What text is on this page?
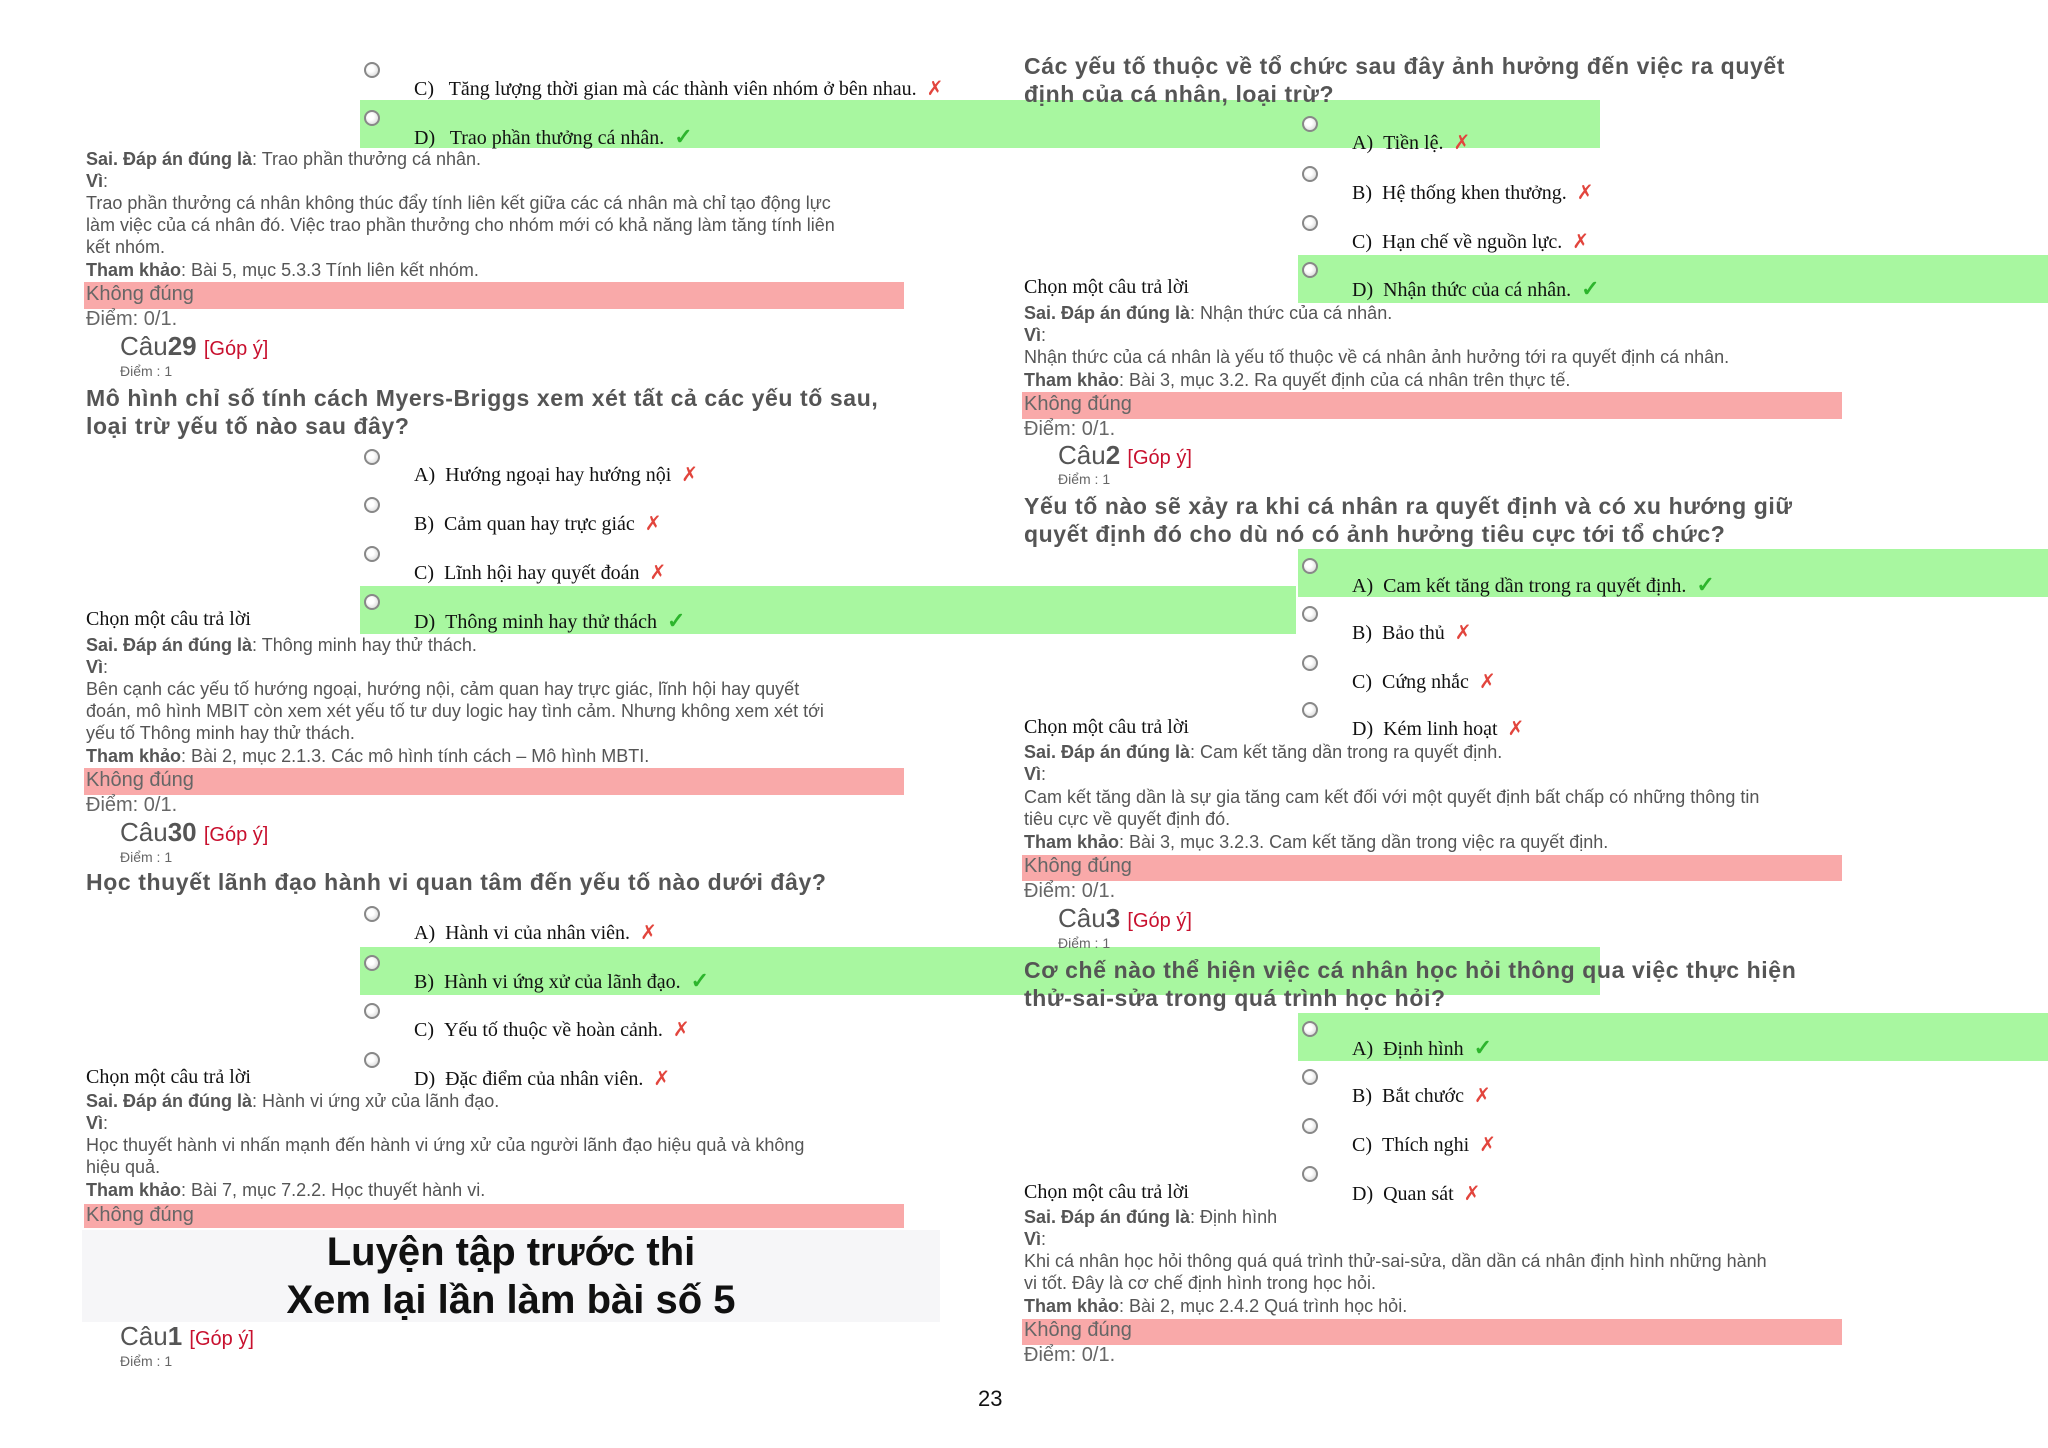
C) Tăng lượng thời gian mà các thành viên nhóm ở bên nhau. ✗
D) Trao phần thưởng cá nhân. ✓
Sai. Đáp án đúng là: Trao phần thưởng cá nhân.
Vì:
Trao phần thưởng cá nhân không thúc đẩy tính liên kết giữa các cá nhân mà chỉ tạo động lực
làm việc của cá nhân đó. Việc trao phần thưởng cho nhóm mới có khả năng làm tăng tính liên
kết nhóm.
Tham khảo: Bài 5, mục 5.3.3 Tính liên kết nhóm.
Không đúng
Điểm: 0/1.
Câu29 [Góp ý]
Điểm : 1
Mô hình chỉ số tính cách Myers-Briggs xem xét tất cả các yếu tố sau,
loại trừ yếu tố nào sau đây?
A) Hướng ngoại hay hướng nội ✗
B) Cảm quan hay trực giác ✗
C) Lĩnh hội hay quyết đoán ✗
Chọn một câu trả lời	D) Thông minh hay thử thách ✓
Sai. Đáp án đúng là: Thông minh hay thử thách.
Vì:
Bên cạnh các yếu tố hướng ngoại, hướng nội, cảm quan hay trực giác, lĩnh hội hay quyết
đoán, mô hình MBIT còn xem xét yếu tố tư duy logic hay tình cảm. Nhưng không xem xét tới
yếu tố Thông minh hay thử thách.
Tham khảo: Bài 2, mục 2.1.3. Các mô hình tính cách – Mô hình MBTI.
Không đúng
Điểm: 0/1.
Câu30 [Góp ý]
Điểm : 1
Học thuyết lãnh đạo hành vi quan tâm đến yếu tố nào dưới đây?
A) Hành vi của nhân viên. ✗
B) Hành vi ứng xử của lãnh đạo. ✓
C) Yếu tố thuộc về hoàn cảnh. ✗
Chọn một câu trả lời	D) Đặc điểm của nhân viên. ✗
Sai. Đáp án đúng là: Hành vi ứng xử của lãnh đạo.
Vì:
Học thuyết hành vi nhấn mạnh đến hành vi ứng xử của người lãnh đạo hiệu quả và không
hiệu quả.
Tham khảo: Bài 7, mục 7.2.2. Học thuyết hành vi.
Không đúng
Luyện tập trước thi
Xem lại lần làm bài số 5
Câu1 [Góp ý]
Điểm : 1
Các yếu tố thuộc về tổ chức sau đây ảnh hưởng đến việc ra quyết
định của cá nhân, loại trừ?
A) Tiền lệ. ✗
B) Hệ thống khen thưởng. ✗
C) Hạn chế về nguồn lực. ✗
Chọn một câu trả lời	D) Nhận thức của cá nhân. ✓
Sai. Đáp án đúng là: Nhận thức của cá nhân.
Vì:
Nhận thức của cá nhân là yếu tố thuộc về cá nhân ảnh hưởng tới ra quyết định cá nhân.
Tham khảo: Bài 3, mục 3.2. Ra quyết định của cá nhân trên thực tế.
Không đúng
Điểm: 0/1.
Câu2 [Góp ý]
Điểm : 1
Yếu tố nào sẽ xảy ra khi cá nhân ra quyết định và có xu hướng giữ
quyết định đó cho dù nó có ảnh hưởng tiêu cực tới tổ chức?
A) Cam kết tăng dần trong ra quyết định. ✓
B) Bảo thủ ✗
C) Cứng nhắc ✗
Chọn một câu trả lời	D) Kém linh hoạt ✗
Sai. Đáp án đúng là: Cam kết tăng dần trong ra quyết định.
Vì:
Cam kết tăng dần là sự gia tăng cam kết đối với một quyết định bất chấp có những thông tin
tiêu cực về quyết định đó.
Tham khảo: Bài 3, mục 3.2.3. Cam kết tăng dần trong việc ra quyết định.
Không đúng
Điểm: 0/1.
Câu3 [Góp ý]
Điểm : 1
Cơ chế nào thể hiện việc cá nhân học hỏi thông qua việc thực hiện
thử-sai-sửa trong quá trình học hỏi?
A) Định hình ✓
B) Bắt chước ✗
C) Thích nghi ✗
Chọn một câu trả lời	D) Quan sát ✗
Sai. Đáp án đúng là: Định hình
Vì:
Khi cá nhân học hỏi thông quá quá trình thử-sai-sửa, dần dần cá nhân định hình những hành
vi tốt. Đây là cơ chế định hình trong học hỏi.
Tham khảo: Bài 2, mục 2.4.2 Quá trình học hỏi.
Không đúng
Điểm: 0/1.
23
